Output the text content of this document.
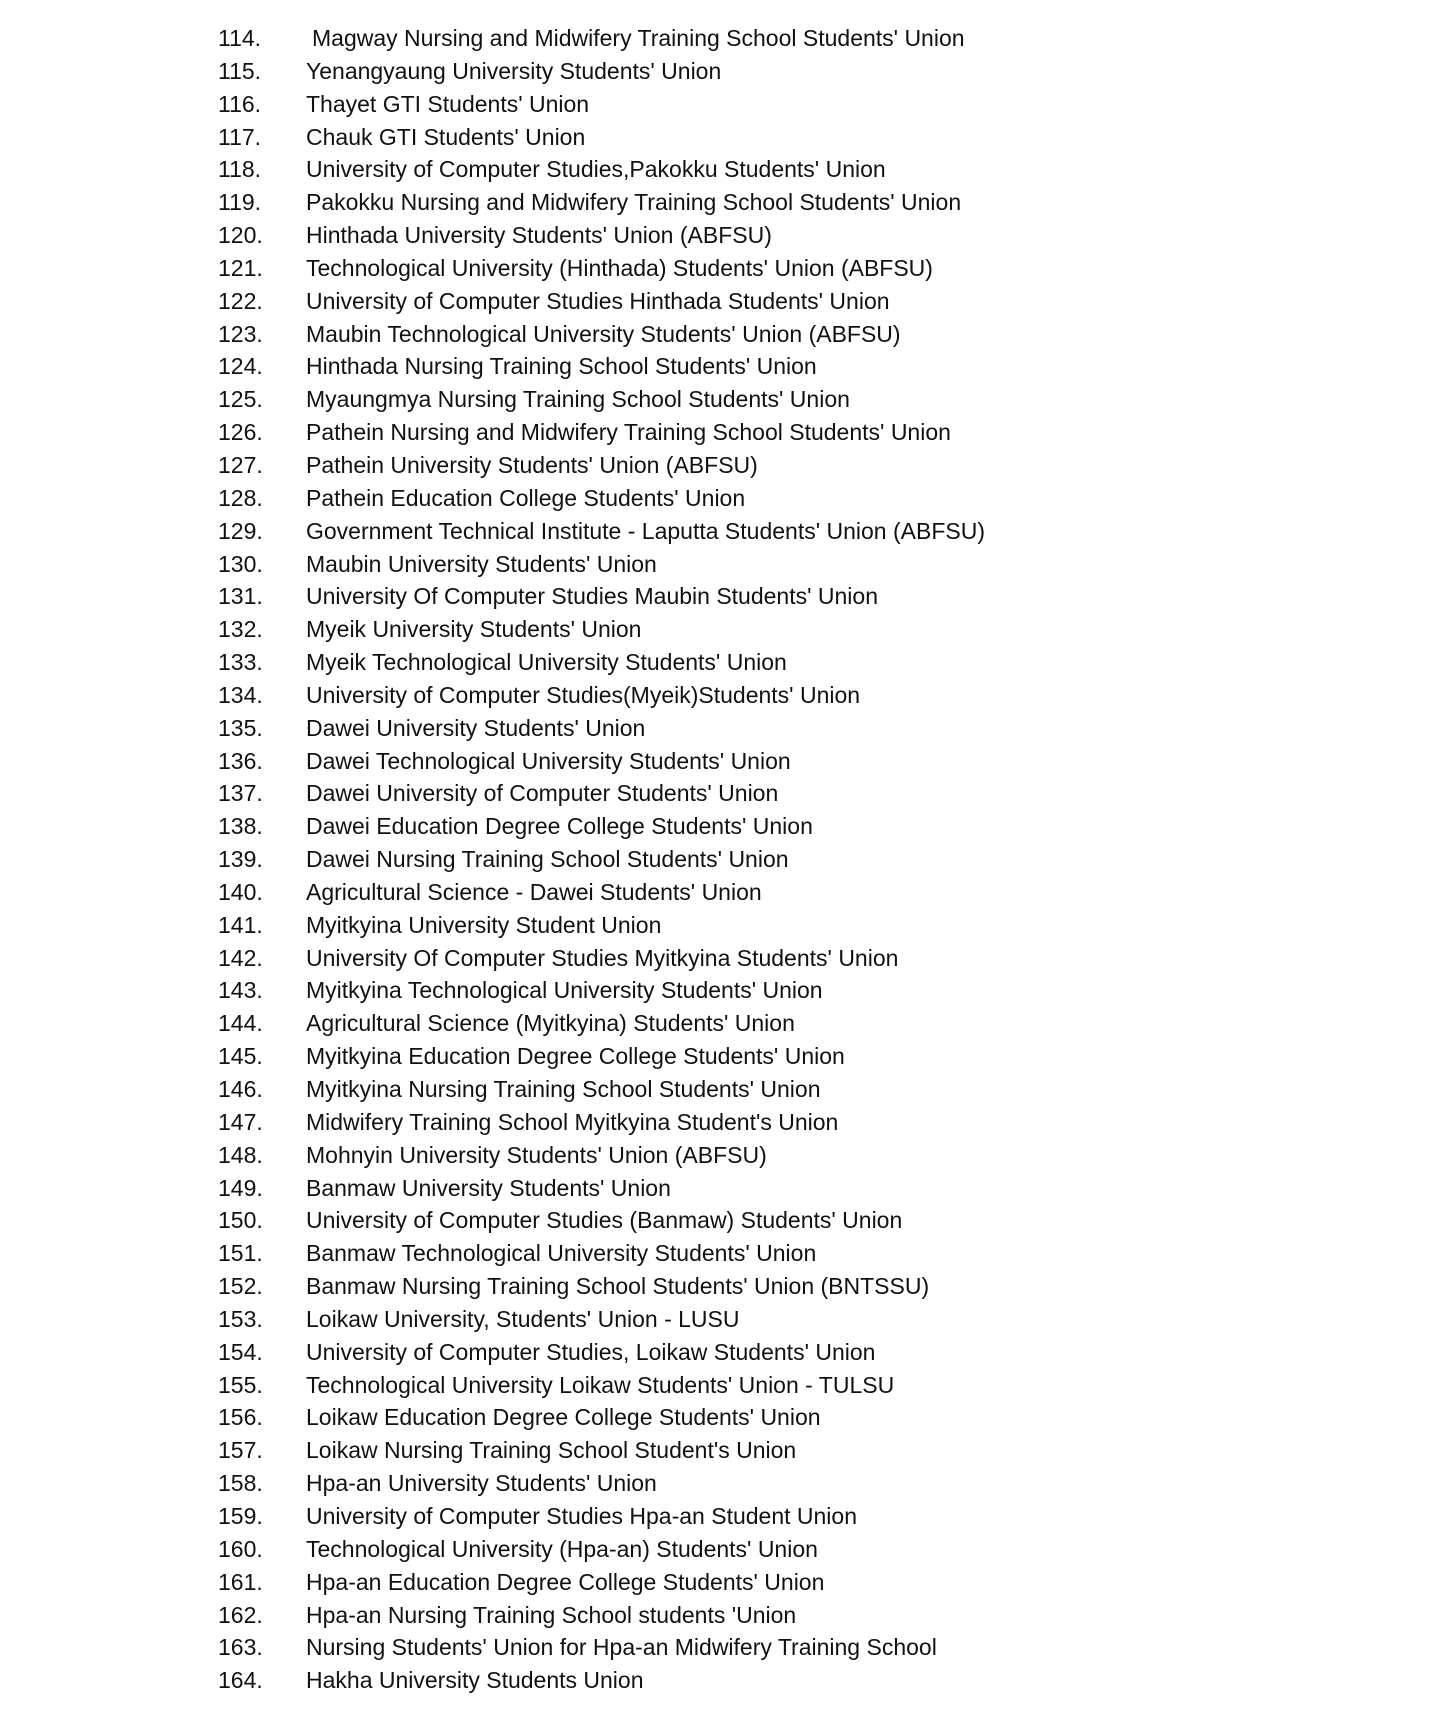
114. Magway Nursing and Midwifery Training School Students' Union
115. Yenangyaung University Students' Union
116. Thayet GTI Students' Union
117. Chauk GTI Students' Union
118. University of Computer Studies,Pakokku Students' Union
119. Pakokku Nursing and Midwifery Training School Students' Union
120. Hinthada University Students' Union (ABFSU)
121. Technological University (Hinthada) Students' Union (ABFSU)
122. University of Computer Studies Hinthada Students' Union
123. Maubin Technological University Students' Union (ABFSU)
124. Hinthada Nursing Training School Students' Union
125. Myaungmya Nursing Training School Students' Union
126. Pathein Nursing and Midwifery Training School Students' Union
127. Pathein University Students' Union (ABFSU)
128. Pathein Education College Students' Union
129. Government Technical Institute - Laputta Students' Union (ABFSU)
130. Maubin University Students' Union
131. University Of Computer Studies Maubin Students' Union
132. Myeik University Students' Union
133. Myeik Technological University Students' Union
134. University of Computer Studies(Myeik)Students' Union
135. Dawei University Students' Union
136. Dawei Technological University Students' Union
137. Dawei University of Computer Students' Union
138. Dawei Education Degree College Students' Union
139. Dawei Nursing Training School Students' Union
140. Agricultural Science - Dawei Students' Union
141. Myitkyina University Student Union
142. University Of Computer Studies Myitkyina Students' Union
143. Myitkyina Technological University Students' Union
144. Agricultural Science (Myitkyina) Students' Union
145. Myitkyina Education Degree College Students' Union
146. Myitkyina Nursing Training School Students' Union
147. Midwifery Training School Myitkyina Student's Union
148. Mohnyin University Students' Union (ABFSU)
149. Banmaw University Students' Union
150. University of Computer Studies (Banmaw) Students' Union
151. Banmaw Technological University Students' Union
152. Banmaw Nursing Training School Students' Union (BNTSSU)
153. Loikaw University, Students' Union - LUSU
154. University of Computer Studies, Loikaw Students' Union
155. Technological University Loikaw Students' Union - TULSU
156. Loikaw Education Degree College Students' Union
157. Loikaw Nursing Training School Student's Union
158. Hpa-an University Students' Union
159. University of Computer Studies Hpa-an Student Union
160. Technological University (Hpa-an) Students' Union
161. Hpa-an Education Degree College Students' Union
162. Hpa-an Nursing Training School students 'Union
163. Nursing Students' Union for Hpa-an Midwifery Training School
164. Hakha University Students Union
